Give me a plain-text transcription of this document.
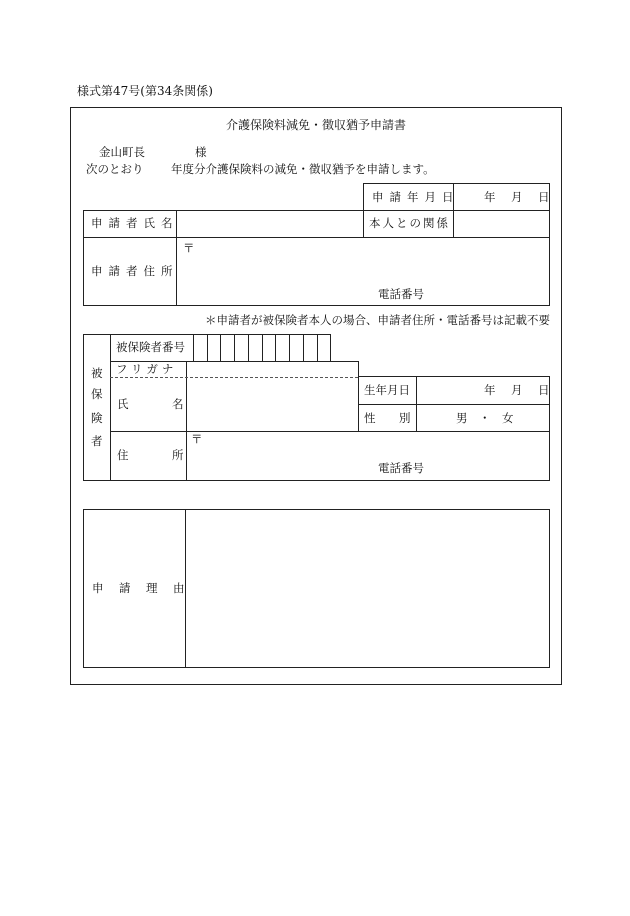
様式第47号(第34条関係)
介護保険料減免・徴収猶予申請書
金山町長	様
次のとおり 年度分介護保険料の減免・徴収猶予を申請します。
申請年月日 年　月　日
申請者氏名	本人との関係
申請者住所
〒
電話番号
＊申請者が被保険者本人の場合、申請者住所・電話番号は記載不要
被
保
険
者
被保険者番号
フリガナ
氏	名
生年月日	年　月　日
性 別	男　・　女
住	所
〒
電話番号
申　請　理　由
